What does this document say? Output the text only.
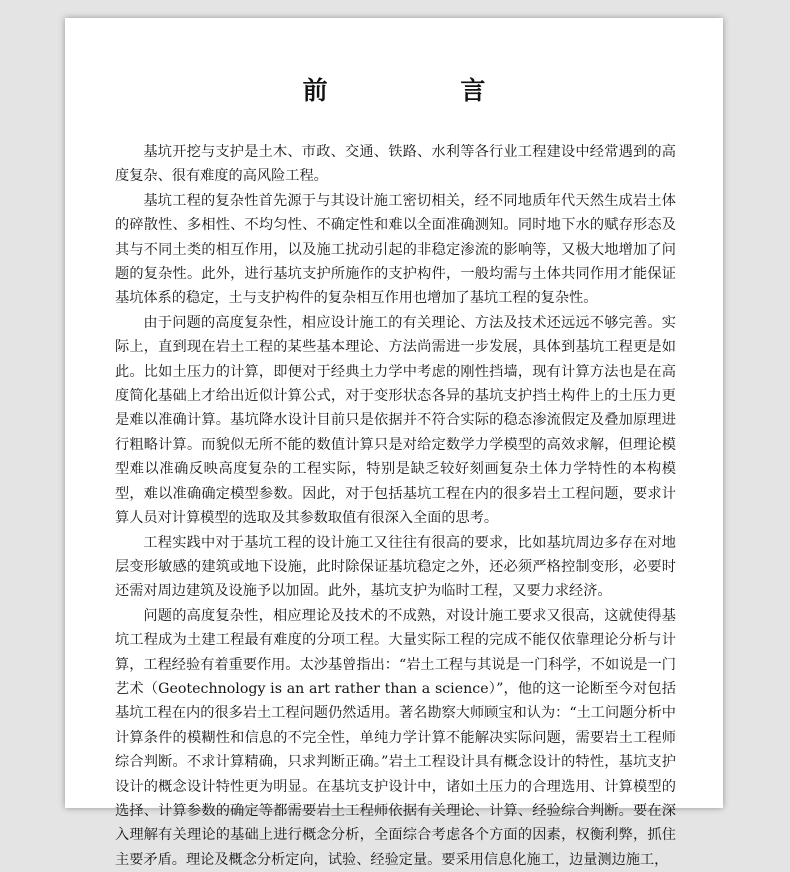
前 言

基坑开挖与支护是土木、市政、交通、铁路、水利等各行业工程建设中经常遇到的高度复杂、很有难度的高风险工程。

基坑工程的复杂性首先源于与其设计施工密切相关，经不同地质年代天然生成岩土体的碎散性、多相性、不均匀性、不确定性和难以全面准确测知。同时地下水的赋存形态及其与不同土类的相互作用，以及施工扰动引起的非稳定渗流的影响等，又极大地增加了问题的复杂性。此外，进行基坑支护所施作的支护构件，一般均需与土体共同作用才能保证基坑体系的稳定，土与支护构件的复杂相互作用也增加了基坑工程的复杂性。

由于问题的高度复杂性，相应设计施工的有关理论、方法及技术还远远不够完善。实际上，直到现在岩土工程的某些基本理论、方法尚需进一步发展，具体到基坑工程更是如此。比如土压力的计算，即便对于经典土力学中考虑的刚性挡墙，现有计算方法也是在高度简化基础上才给出近似计算公式，对于变形状态各异的基坑支护挡土构件上的土压力更是难以准确计算。基坑降水设计目前只是依据并不符合实际的稳态渗流假定及叠加原理进行粗略计算。而貌似无所不能的数值计算只是对给定数学力学模型的高效求解，但理论模型难以准确反映高度复杂的工程实际，特别是缺乏较好刻画复杂土体力学特性的本构模型，难以准确确定模型参数。因此，对于包括基坑工程在内的很多岩土工程问题，要求计算人员对计算模型的选取及其参数取值有很深入全面的思考。

工程实践中对于基坑工程的设计施工又往往有很高的要求，比如基坑周边多存在对地层变形敏感的建筑或地下设施，此时除保证基坑稳定之外，还必须严格控制变形，必要时还需对周边建筑及设施予以加固。此外，基坑支护为临时工程，又要力求经济。

问题的高度复杂性，相应理论及技术的不成熟，对设计施工要求又很高，这就使得基坑工程成为土建工程最有难度的分项工程。大量实际工程的完成不能仅依靠理论分析与计算，工程经验有着重要作用。太沙基曾指出：“岩土工程与其说是一门科学，不如说是一门艺术（Geotechnology is an art rather than a science）”，他的这一论断至今对包括基坑工程在内的很多岩土工程问题仍然适用。著名勘察大师顾宝和认为：“土工问题分析中计算条件的模糊性和信息的不完全性，单纯力学计算不能解决实际问题，需要岩土工程师综合判断。不求计算精确，只求判断正确。”岩土工程设计具有概念设计的特性，基坑支护设计的概念设计特性更为明显。在基坑支护设计中，诸如土压力的合理选用、计算模型的选择、计算参数的确定等都需要岩土工程师依据有关理论、计算、经验综合判断。要在深入理解有关理论的基础上进行概念分析，全面综合考虑各个方面的因素，权衡利弊，抓住主要矛盾。理论及概念分析定向，试验、经验定量。要采用信息化施工，边量测边施工，
